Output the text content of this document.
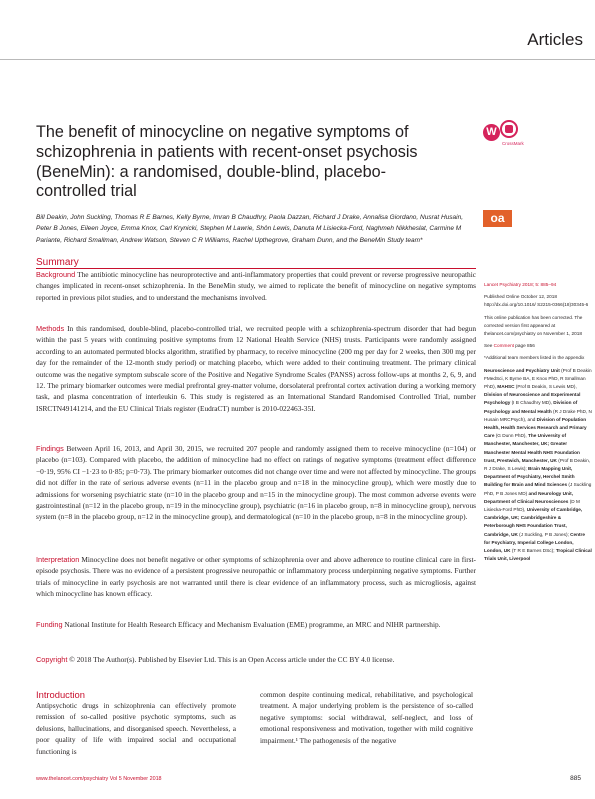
Articles
The benefit of minocycline on negative symptoms of schizophrenia in patients with recent-onset psychosis (BeneMin): a randomised, double-blind, placebo-controlled trial
W
CrossMark
oa
Bill Deakin, John Suckling, Thomas R E Barnes, Kelly Byrne, Imran B Chaudhry, Paola Dazzan, Richard J Drake, Annalisa Giordano, Nusrat Husain, Peter B Jones, Eileen Joyce, Emma Knox, Carl Krynicki, Stephen M Lawrie, Shôn Lewis, Danuta M Lisiecka-Ford, Naghmeh Nikkheslat, Carmine M Pariante, Richard Smallman, Andrew Watson, Steven C R Williams, Rachel Upthegrove, Graham Dunn, and the BeneMin Study team*
Summary

Background The antibiotic minocycline has neuroprotective and anti-inflammatory properties that could prevent or reverse progressive neuropathic changes implicated in recent-onset schizophrenia. In the BeneMin study, we aimed to replicate the benefit of minocycline on negative symptoms reported in previous pilot studies, and to understand the mechanisms involved.

Methods In this randomised, double-blind, placebo-controlled trial, we recruited people with a schizophrenia-spectrum disorder that had begun within the past 5 years with continuing positive symptoms from 12 National Health Service (NHS) trusts. Participants were randomly assigned according to an automated permuted blocks algorithm, stratified by pharmacy, to receive minocycline (200 mg per day for 2 weeks, then 300 mg per day for the remainder of the 12-month study period) or matching placebo, which were added to their continuing treatment. The primary clinical outcome was the negative symptom subscale score of the Positive and Negative Syndrome Scales (PANSS) across follow-ups at months 2, 6, 9, and 12. The primary biomarker outcomes were medial prefrontal grey-matter volume, dorsolateral prefrontal cortex activation during a working memory task, and plasma concentration of interleukin 6. This study is registered as an International Standard Randomised Controlled Trial, number ISRCTN49141214, and the EU Clinical Trials register (EudraCT) number is 2010-022463-35I.

Findings Between April 16, 2013, and April 30, 2015, we recruited 207 people and randomly assigned them to receive minocycline (n=104) or placebo (n=103). Compared with placebo, the addition of minocycline had no effect on ratings of negative symptoms (treatment effect difference −0·19, 95% CI −1·23 to 0·85; p=0·73). The primary biomarker outcomes did not change over time and were not affected by minocycline. The groups did not differ in the rate of serious adverse events (n=11 in the placebo group and n=18 in the minocycline group), which were mostly due to admissions for worsening psychiatric state (n=10 in the placebo group and n=15 in the minocycline group). The most common adverse events were gastrointestinal (n=12 in the placebo group, n=19 in the minocycline group), psychiatric (n=16 in placebo group, n=8 in minocycline group), nervous system (n=8 in the placebo group, n=12 in the minocycline group), and dermatological (n=10 in the placebo group, n=8 in the minocycline group).

Interpretation Minocycline does not benefit negative or other symptoms of schizophrenia over and above adherence to routine clinical care in first-episode psychosis. There was no evidence of a persistent progressive neuropathic or inflammatory process underpinning negative symptoms. Further trials of minocycline in early psychosis are not warranted until there is clear evidence of an inflammatory process, such as microgliosis, against which minocycline has known efficacy.

Funding National Institute for Health Research Efficacy and Mechanism Evaluation (EME) programme, an MRC and NIHR partnership.

Copyright © 2018 The Author(s). Published by Elsevier Ltd. This is an Open Access article under the CC BY 4.0 license.

Introduction

Antipsychotic drugs in schizophrenia can effectively promote remission of so-called positive psychotic symptoms, such as delusions, hallucinations, and disorganised speech. Nevertheless, a poor quality of life with impaired social and occupational functioning is

common despite continuing medical, rehabilitative, and psychological treatment. A major underlying problem is the persistence of so-called negative symptoms: social withdrawal, self-neglect, and loss of emotional responsiveness and motivation, together with mild cognitive impairment.¹ The pathogenesis of the negative

Lancet Psychiatry 2018; 5: 885–94

Published Online October 12, 2018 http://dx.doi.org/10.1016/ S2215-0366(18)30345-6

This online publication has been corrected. The corrected version first appeared at thelancet.com/psychiatry on November 1, 2018

See Comment page 856

*Additional team members listed in the appendix

Neuroscience and Psychiatry Unit (Prof B Deakin FMedSci, K Byrne BA, E Knox PhD, R Smallman PhD), MAHSC (Prof B Deakin, S Lewis MD), Division of Neuroscience and Experimental Psychology (I B Chaudhry MD), Division of Psychology and Mental Health (R J Drake PhD, N Husain MRCPsych), and Division of Population Health, Health Services Research and Primary Care (G Dunn PhD), The University of Manchester, Manchester, UK; Greater Manchester Mental Health NHS Foundation trust, Prestwich, Manchester, UK (Prof B Deakin, R J Drake, S Lewis); Brain Mapping Unit, Department of Psychiatry, Herchel Smith Building for Brain and Mind Sciences (J Suckling PhD, P B Jones MD) and Neurology Unit, Department of Clinical Neurosciences (D M Lisiecka-Ford PhD), University of Cambridge, Cambridge, UK; Cambridgeshire & Peterborough NHS Foundation Trust, Cambridge, UK (J Suckling, P B Jones); Centre for Psychiatry, Imperial College London, London, UK (T R E Barnes DSc); Tropical Clinical Trials Unit, Liverpool
www.thelancet.com/psychiatry Vol 5 November 2018	885
